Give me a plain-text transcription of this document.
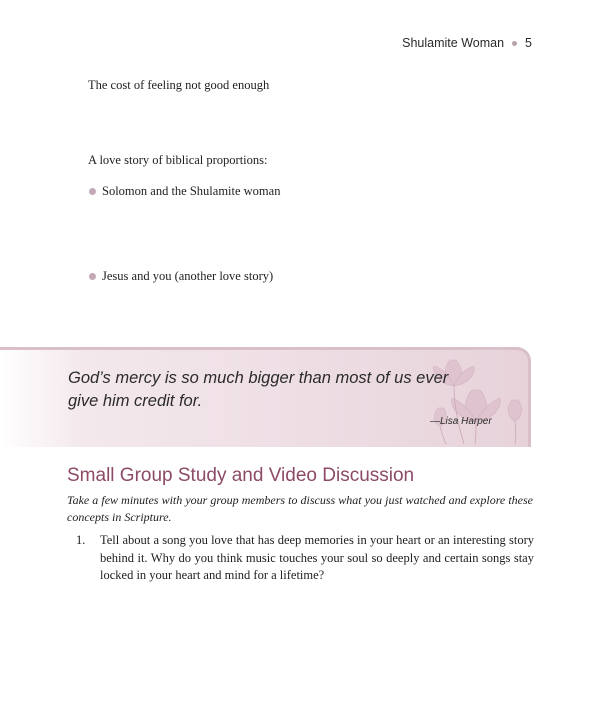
Shulamite Woman 5
The cost of feeling not good enough
A love story of biblical proportions:
Solomon and the Shulamite woman
Jesus and you (another love story)
God’s mercy is so much bigger than most of us ever give him credit for.
—Lisa Harper
Small Group Study and Video Discussion
Take a few minutes with your group members to discuss what you just watched and explore these concepts in Scripture.
1.	Tell about a song you love that has deep memories in your heart or an interesting story behind it. Why do you think music touches your soul so deeply and certain songs stay locked in your heart and mind for a lifetime?
